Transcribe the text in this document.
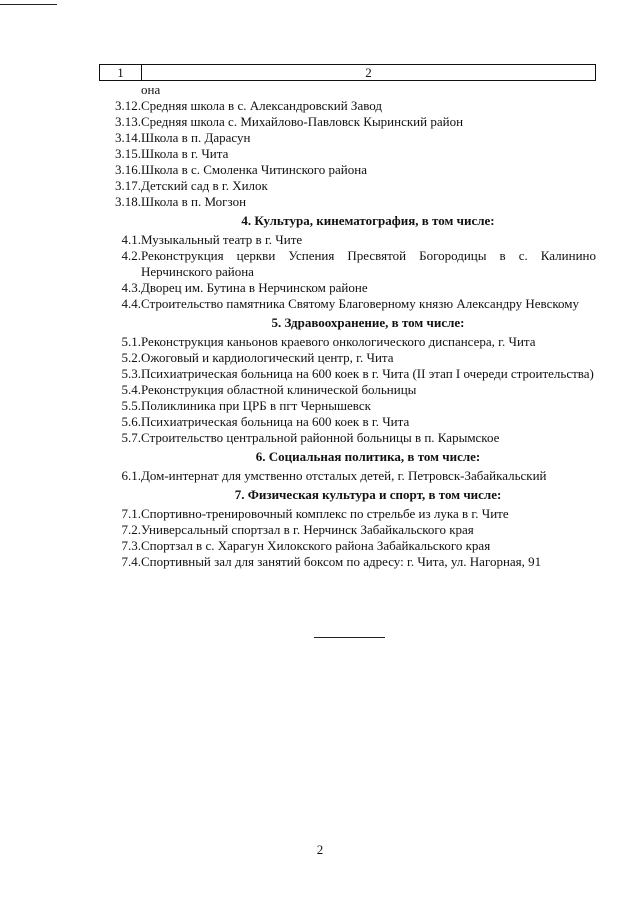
1	2

она

3.12. Средняя школа в с. Александровский Завод
3.13. Средняя школа с. Михайлово-Павловск Кыринский район
3.14. Школа в п. Дарасун
3.15. Школа в г. Чита
3.16. Школа в с. Смоленка Читинского района
3.17. Детский сад в г. Хилок
3.18. Школа в п. Могзон
4. Культура, кинематография, в том числе:
4.1. Музыкальный театр в г. Чите
4.2. Реконструкция церкви Успения Пресвятой Богородицы в с. Калинино Нерчинского района
4.3. Дворец им. Бутина в Нерчинском районе
4.4. Строительство памятника Святому Благоверному князю Александру Невскому
5. Здравоохранение, в том числе:
5.1. Реконструкция каньонов краевого онкологического диспансера, г. Чита
5.2. Ожоговый и кардиологический центр, г. Чита
5.3. Психиатрическая больница на 600 коек в г. Чита (II этап I очереди строительства)
5.4. Реконструкция областной клинической больницы
5.5. Поликлиника при ЦРБ в пгт Чернышевск
5.6. Психиатрическая больница на 600 коек в г. Чита
5.7. Строительство центральной районной больницы в п. Карымское
6. Социальная политика, в том числе:
6.1. Дом-интернат для умственно отсталых детей, г. Петровск-Забайкальский
7. Физическая культура и спорт, в том числе:
7.1. Спортивно-тренировочный комплекс по стрельбе из лука в г. Чите
7.2. Универсальный спортзал в г. Нерчинск Забайкальского края
7.3. Спортзал в с. Харагун Хилокского района Забайкальского края
7.4. Спортивный зал для занятий боксом по адресу: г. Чита, ул. Нагорная, 91
2
